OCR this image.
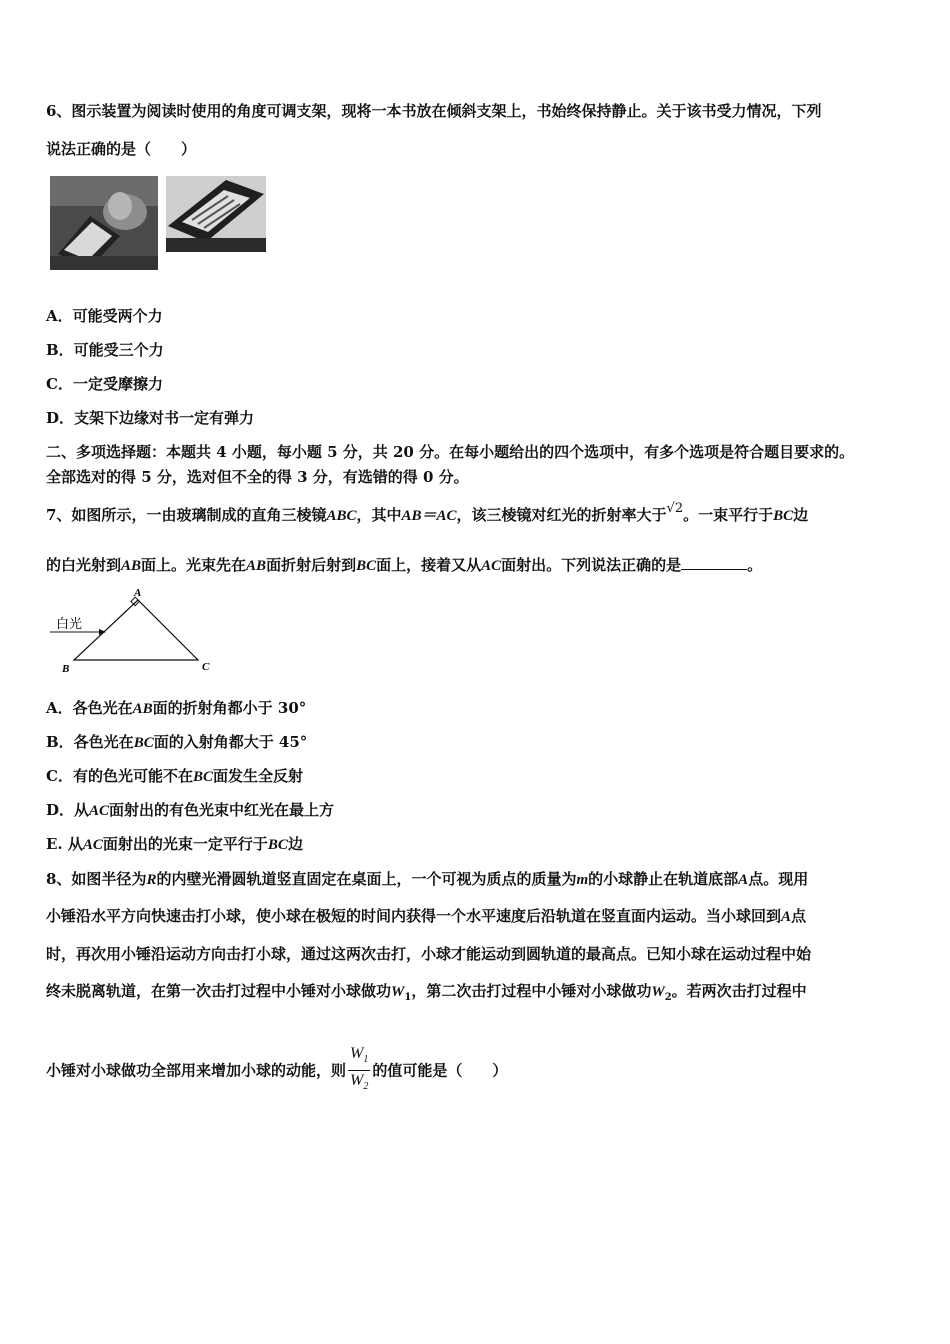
6、图示装置为阅读时使用的角度可调支架，现将一本书放在倾斜支架上，书始终保持静止。关于该书受力情况，下列
说法正确的是（　　）
A．可能受两个力
B．可能受三个力
C．一定受摩擦力
D．支架下边缘对书一定有弹力
二、多项选择题：本题共 4 小题，每小题 5 分，共 20 分。在每小题给出的四个选项中，有多个选项是符合题目要求的。
全部选对的得 5 分，选对但不全的得 3 分，有选错的得 0 分。
7、如图所示，一由玻璃制成的直角三棱镜ABC，其中AB＝AC，该三棱镜对红光的折射率大于√2。一束平行于BC边
的白光射到AB面上。光束先在AB面折射后射到BC面上，接着又从AC面射出。下列说法正确的是	。
白光
A
B	C
A．各色光在AB面的折射角都小于 30°
B．各色光在BC面的入射角都大于 45°
C．有的色光可能不在BC面发生全反射
D．从AC面射出的有色光束中红光在最上方
E. 从AC面射出的光束一定平行于BC边
8、如图半径为R的内壁光滑圆轨道竖直固定在桌面上，一个可视为质点的质量为m的小球静止在轨道底部A点。现用
小锤沿水平方向快速击打小球，使小球在极短的时间内获得一个水平速度后沿轨道在竖直面内运动。当小球回到A点
时，再次用小锤沿运动方向击打小球，通过这两次击打，小球才能运动到圆轨道的最高点。已知小球在运动过程中始
终未脱离轨道，在第一次击打过程中小锤对小球做功$W_1$，第二次击打过程中小锤对小球做功$W_2$。若两次击打过程中
小锤对小球做功全部用来增加小球的动能，则 $\frac{W_1}{W_2}$ 的值可能是（　　）
